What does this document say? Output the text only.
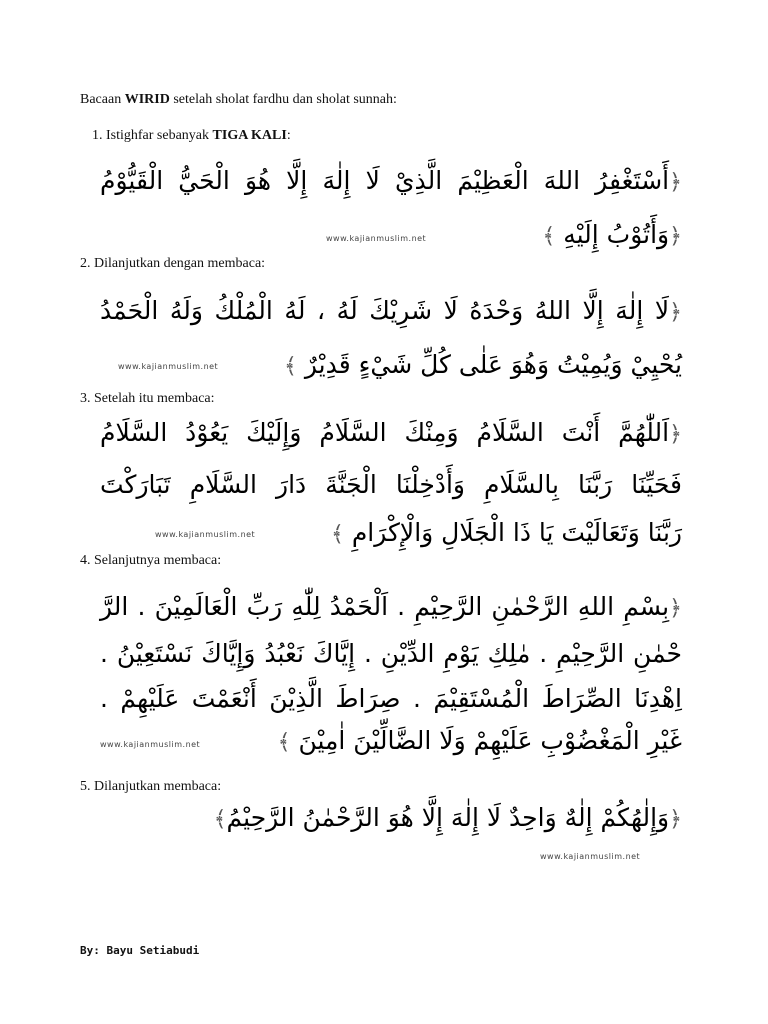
Bacaan WIRID setelah sholat fardhu dan sholat sunnah:
1. Istighfar sebanyak TIGA KALI:
﴿أَسْتَغْفِرُ اللهَ الْعَظِيْمَ الَّذِيْ لَا إِلٰهَ إِلَّا هُوَ الْحَيُّ الْقَيُّوْمُ
﴿وَأَتُوْبُ إِلَيْهِ ﴾
www.kajianmuslim.net
2. Dilanjutkan dengan membaca:
﴿لَا إِلٰهَ إِلَّا اللهُ وَحْدَهُ لَا شَرِيْكَ لَهُ ، لَهُ الْمُلْكُ وَلَهُ الْحَمْدُ
يُحْيِيْ وَيُمِيْتُ وَهُوَ عَلٰى كُلِّ شَيْءٍ قَدِيْرٌ ﴾
www.kajianmuslim.net
3. Setelah itu membaca:
﴿اَللّٰهُمَّ أَنْتَ السَّلَامُ وَمِنْكَ السَّلَامُ وَإِلَيْكَ يَعُوْدُ السَّلَامُ
فَحَيِّنَا رَبَّنَا بِالسَّلَامِ وَأَدْخِلْنَا الْجَنَّةَ دَارَ السَّلَامِ تَبَارَكْتَ
رَبَّنَا وَتَعَالَيْتَ يَا ذَا الْجَلَالِ وَالْإِكْرَامِ ﴾
www.kajianmuslim.net
4. Selanjutnya membaca:
﴿بِسْمِ اللهِ الرَّحْمٰنِ الرَّحِيْمِ . اَلْحَمْدُ لِلّٰهِ رَبِّ الْعَالَمِيْنَ . الرَّ
حْمٰنِ الرَّحِيْمِ . مٰلِكِ يَوْمِ الدِّيْنِ . إِيَّاكَ نَعْبُدُ وَإِيَّاكَ نَسْتَعِيْنُ .
اِهْدِنَا الصِّرَاطَ الْمُسْتَقِيْمَ . صِرَاطَ الَّذِيْنَ أَنْعَمْتَ عَلَيْهِمْ .
غَيْرِ الْمَغْضُوْبِ عَلَيْهِمْ وَلَا الضَّالِّيْنَ اٰمِيْنَ ﴾
www.kajianmuslim.net
5. Dilanjutkan membaca:
﴿وَإِلٰهُكُمْ إِلٰهٌ وَاحِدٌ لَا إِلٰهَ إِلَّا هُوَ الرَّحْمٰنُ الرَّحِيْمُ﴾
www.kajianmuslim.net
By: Bayu Setiabudi
